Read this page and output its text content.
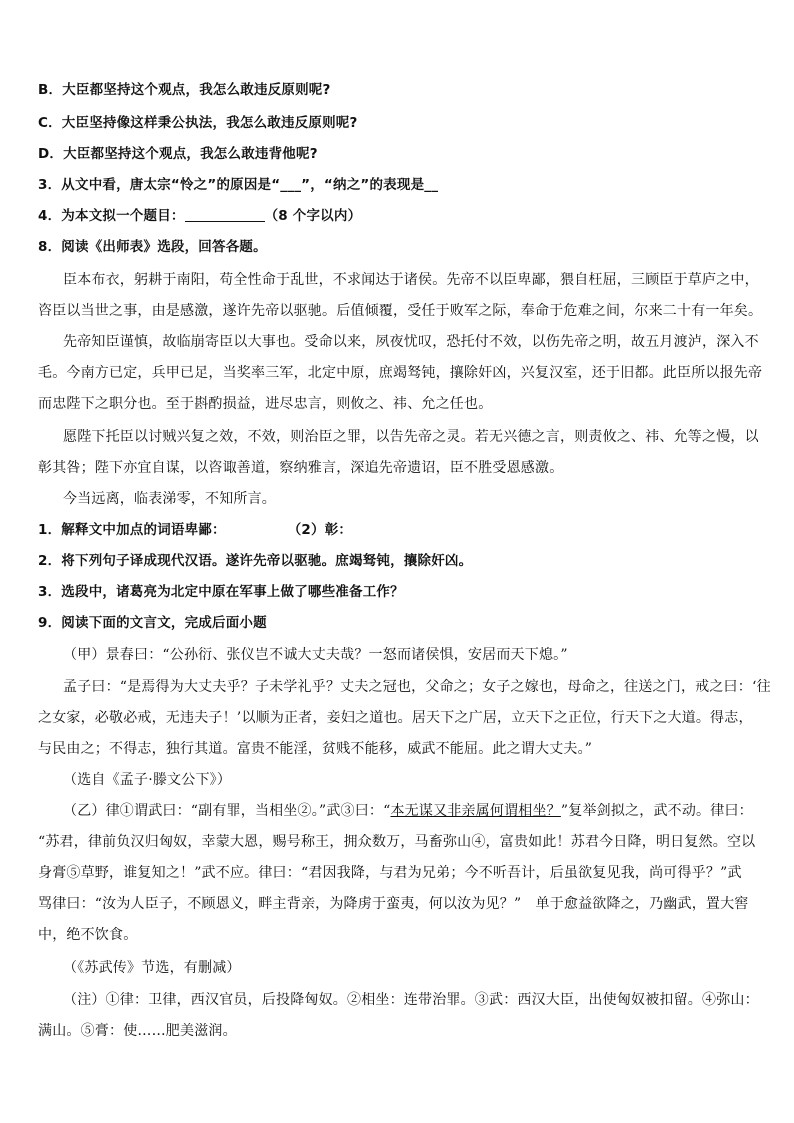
B．大臣都坚持这个观点，我怎么敢违反原则呢?
C．大臣坚持像这样秉公执法，我怎么敢违反原则呢?
D．大臣都坚持这个观点，我怎么敢违背他呢?
3．从文中看，唐太宗“怜之”的原因是“___”，“纳之”的表现是__
4．为本文拟一个题目：	（8 个字以内）
8．阅读《出师表》选段，回答各题。
臣本布衣，躬耕于南阳，苟全性命于乱世，不求闻达于诸侯。先帝不以臣卑鄙，猥自枉屈，三顾臣于草庐之中，
咨臣以当世之事，由是感激，遂许先帝以驱驰。后值倾覆，受任于败军之际，奉命于危难之间，尔来二十有一年矣。
先帝知臣谨慎，故临崩寄臣以大事也。受命以来，夙夜忧叹，恐托付不效，以伤先帝之明，故五月渡泸，深入不
毛。今南方已定，兵甲已足，当奖率三军，北定中原，庶竭驽钝，攘除奸凶，兴复汉室，还于旧都。此臣所以报先帝
而忠陛下之职分也。至于斟酌损益，进尽忠言，则攸之、祎、允之任也。
愿陛下托臣以讨贼兴复之效，不效，则治臣之罪，以告先帝之灵。若无兴德之言，则责攸之、祎、允等之慢，以
彰其咎；陛下亦宜自谋，以咨诹善道，察纳雅言，深追先帝遗诏，臣不胜受恩感激。
今当远离，临表涕零，不知所言。
1．解释文中加点的词语卑鄙：	（2）彰：
2．将下列句子译成现代汉语。遂许先帝以驱驰。庶竭驽钝，攘除奸凶。
3．选段中，诸葛亮为北定中原在军事上做了哪些准备工作？
9．阅读下面的文言文，完成后面小题
（甲）景春曰：“公孙衍、张仪岂不诚大丈夫哉？一怒而诸侯惧，安居而天下熄。”
孟子曰：“是焉得为大丈夫乎？子未学礼乎？丈夫之冠也，父命之；女子之嫁也，母命之，往送之门，戒之曰：‘往
之女家，必敬必戒，无违夫子！’以顺为正者，妾妇之道也。居天下之广居，立天下之正位，行天下之大道。得志，
与民由之；不得志，独行其道。富贵不能淫，贫贱不能移，威武不能屈。此之谓大丈夫。”
（选自《孟子·滕文公下》）
（乙）律①谓武曰：“副有罪，当相坐②。”武③曰：“本无谋又非亲属何谓相坐？”复举剑拟之，武不动。律曰：
“苏君，律前负汉归匈奴，幸蒙大恩，赐号称王，拥众数万，马畜弥山④，富贵如此！苏君今日降，明日复然。空以
身膏⑤草野，谁复知之！”武不应。律曰：“君因我降，与君为兄弟；今不听吾计，后虽欲复见我，尚可得乎？”武
骂律曰：“汝为人臣子，不顾恩义，畔主背亲，为降虏于蛮夷，何以汝为见？”　单于愈益欲降之，乃幽武，置大窖
中，绝不饮食。
（《苏武传》节选，有删减）
（注）①律：卫律，西汉官员，后投降匈奴。②相坐：连带治罪。③武：西汉大臣，出使匈奴被扣留。④弥山：
满山。⑤膏：使……肥美滋润。
